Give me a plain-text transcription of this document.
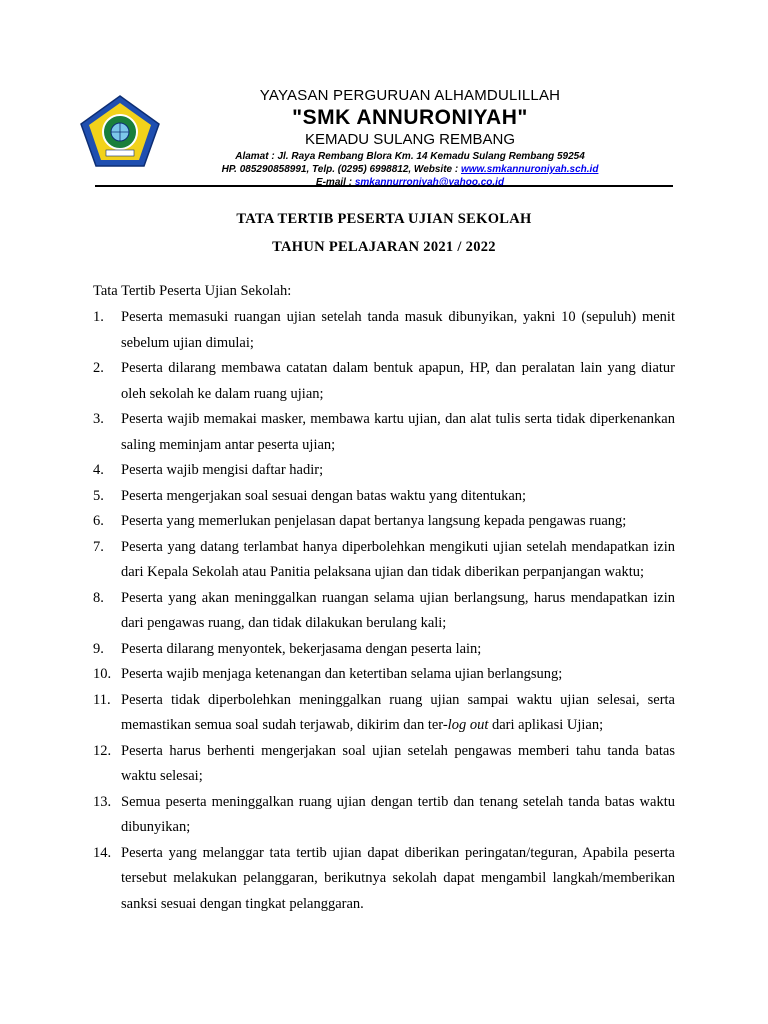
YAYASAN PERGURUAN ALHAMDULILLAH
"SMK ANNURONIYAH"
KEMADU SULANG REMBANG
Alamat : Jl. Raya Rembang Blora Km. 14 Kemadu Sulang Rembang 59254
HP. 085290858991, Telp. (0295) 6998812, Website : www.smkannuroniyah.sch.id
E-mail : smkannurroniyah@yahoo.co.id
TATA TERTIB PESERTA UJIAN SEKOLAH
TAHUN PELAJARAN 2021 / 2022
Tata Tertib Peserta Ujian Sekolah:
1. Peserta memasuki ruangan ujian setelah tanda masuk dibunyikan, yakni 10 (sepuluh) menit sebelum ujian dimulai;
2. Peserta dilarang membawa catatan dalam bentuk apapun, HP, dan peralatan lain yang diatur oleh sekolah ke dalam ruang ujian;
3. Peserta wajib memakai masker, membawa kartu ujian, dan alat tulis serta tidak diperkenankan saling meminjam antar peserta ujian;
4. Peserta wajib mengisi daftar hadir;
5. Peserta mengerjakan soal sesuai dengan batas waktu yang ditentukan;
6. Peserta yang memerlukan penjelasan dapat bertanya langsung kepada pengawas ruang;
7. Peserta yang datang terlambat hanya diperbolehkan mengikuti ujian setelah mendapatkan izin dari Kepala Sekolah atau Panitia pelaksana ujian dan tidak diberikan perpanjangan waktu;
8. Peserta yang akan meninggalkan ruangan selama ujian berlangsung, harus mendapatkan izin dari pengawas ruang, dan tidak dilakukan berulang kali;
9. Peserta dilarang menyontek, bekerjasama dengan peserta lain;
10. Peserta wajib menjaga ketenangan dan ketertiban selama ujian berlangsung;
11. Peserta tidak diperbolehkan meninggalkan ruang ujian sampai waktu ujian selesai, serta memastikan semua soal sudah terjawab, dikirim dan ter-log out dari aplikasi Ujian;
12. Peserta harus berhenti mengerjakan soal ujian setelah pengawas memberi tahu tanda batas waktu selesai;
13. Semua peserta meninggalkan ruang ujian dengan tertib dan tenang setelah tanda batas waktu dibunyikan;
14. Peserta yang melanggar tata tertib ujian dapat diberikan peringatan/teguran, Apabila peserta tersebut melakukan pelanggaran, berikutnya sekolah dapat mengambil langkah/memberikan sanksi sesuai dengan tingkat pelanggaran.
